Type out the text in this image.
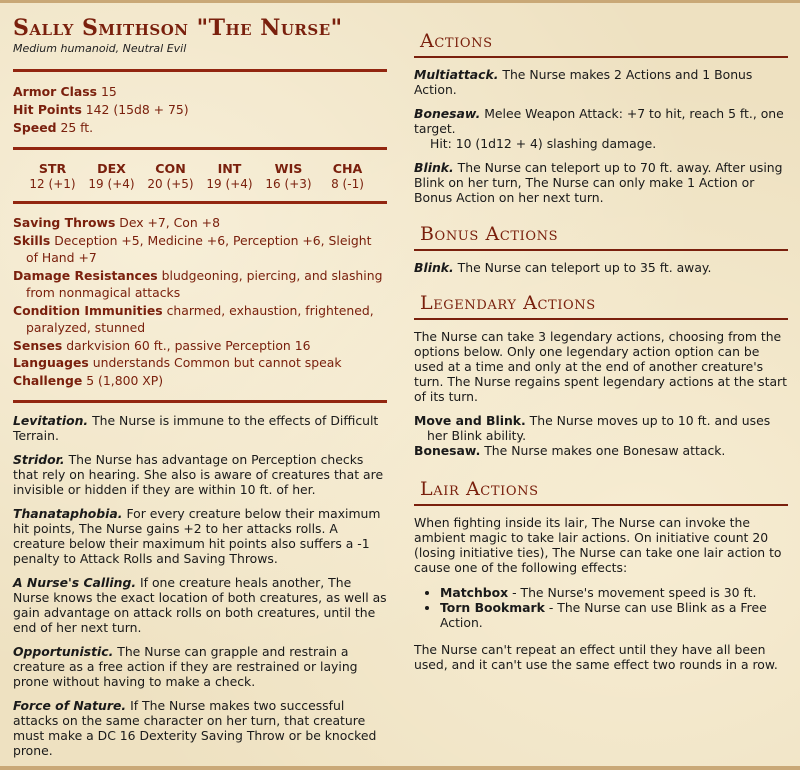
Sally Smithson "The Nurse"
Medium humanoid, Neutral Evil
Armor Class 15
Hit Points 142 (15d8 + 75)
Speed 25 ft.
STR
12 (+1)
DEX
19 (+4)
CON
20 (+5)
INT
19 (+4)
WIS
16 (+3)
CHA
8 (-1)
Saving Throws Dex +7, Con +8
Skills Deception +5, Medicine +6, Perception +6, Sleight of Hand +7
Damage Resistances bludgeoning, piercing, and slashing from nonmagical attacks
Condition Immunities charmed, exhaustion, frightened, paralyzed, stunned
Senses darkvision 60 ft., passive Perception 16
Languages understands Common but cannot speak
Challenge 5 (1,800 XP)

Levitation. The Nurse is immune to the effects of Difficult Terrain.

Stridor. The Nurse has advantage on Perception checks that rely on hearing. She also is aware of creatures that are invisible or hidden if they are within 10 ft. of her.

Thanataphobia. For every creature below their maximum hit points, The Nurse gains +2 to her attacks rolls. A creature below their maximum hit points also suffers a -1 penalty to Attack Rolls and Saving Throws.

A Nurse's Calling. If one creature heals another, The Nurse knows the exact location of both creatures, as well as gain advantage on attack rolls on both creatures, until the end of her next turn.

Opportunistic. The Nurse can grapple and restrain a creature as a free action if they are restrained or laying prone without having to make a check.

Force of Nature. If The Nurse makes two successful attacks on the same character on her turn, that creature must make a DC 16 Dexterity Saving Throw or be knocked prone.

Actions

Multiattack. The Nurse makes 2 Actions and 1 Bonus Action.

Bonesaw. Melee Weapon Attack: +7 to hit, reach 5 ft., one target.
Hit: 10 (1d12 + 4) slashing damage.

Blink. The Nurse can teleport up to 70 ft. away. After using Blink on her turn, The Nurse can only make 1 Action or Bonus Action on her next turn.

Bonus Actions

Blink. The Nurse can teleport up to 35 ft. away.

Legendary Actions

The Nurse can take 3 legendary actions, choosing from the options below. Only one legendary action option can be used at a time and only at the end of another creature's turn. The Nurse regains spent legendary actions at the start of its turn.

Move and Blink. The Nurse moves up to 10 ft. and uses her Blink ability.
Bonesaw. The Nurse makes one Bonesaw attack.
Lair Actions

When fighting inside its lair, The Nurse can invoke the ambient magic to take lair actions. On initiative count 20 (losing initiative ties), The Nurse can take one lair action to cause one of the following effects:

• Matchbox - The Nurse's movement speed is 30 ft.
• Torn Bookmark - The Nurse can use Blink as a Free Action.

The Nurse can't repeat an effect until they have all been used, and it can't use the same effect two rounds in a row.
